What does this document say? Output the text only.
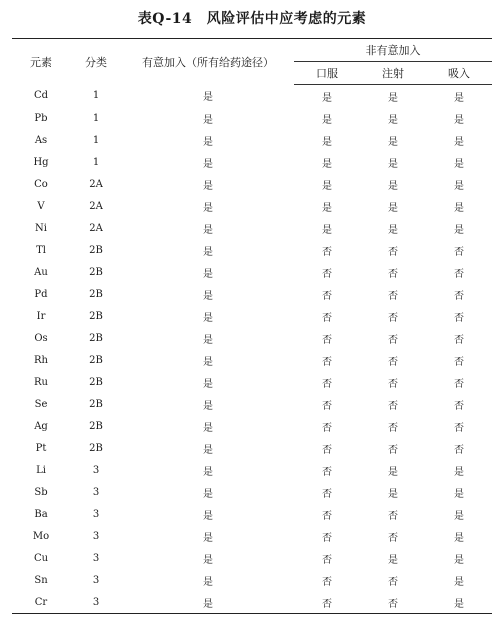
表Q-14　风险评估中应考虑的元素
元素	分类	有意加入（所有给药途径）	非有意加入		
			口服	注射	吸入
Cd	1	是	是	是	是
Pb	1	是	是	是	是
As	1	是	是	是	是
Hg	1	是	是	是	是
Co	2A	是	是	是	是
V	2A	是	是	是	是
Ni	2A	是	是	是	是
Tl	2B	是	否	否	否
Au	2B	是	否	否	否
Pd	2B	是	否	否	否
Ir	2B	是	否	否	否
Os	2B	是	否	否	否
Rh	2B	是	否	否	否
Ru	2B	是	否	否	否
Se	2B	是	否	否	否
Ag	2B	是	否	否	否
Pt	2B	是	否	否	否
Li	3	是	否	是	是
Sb	3	是	否	是	是
Ba	3	是	否	否	是
Mo	3	是	否	否	是
Cu	3	是	否	是	是
Sn	3	是	否	否	是
Cr	3	是	否	否	是
